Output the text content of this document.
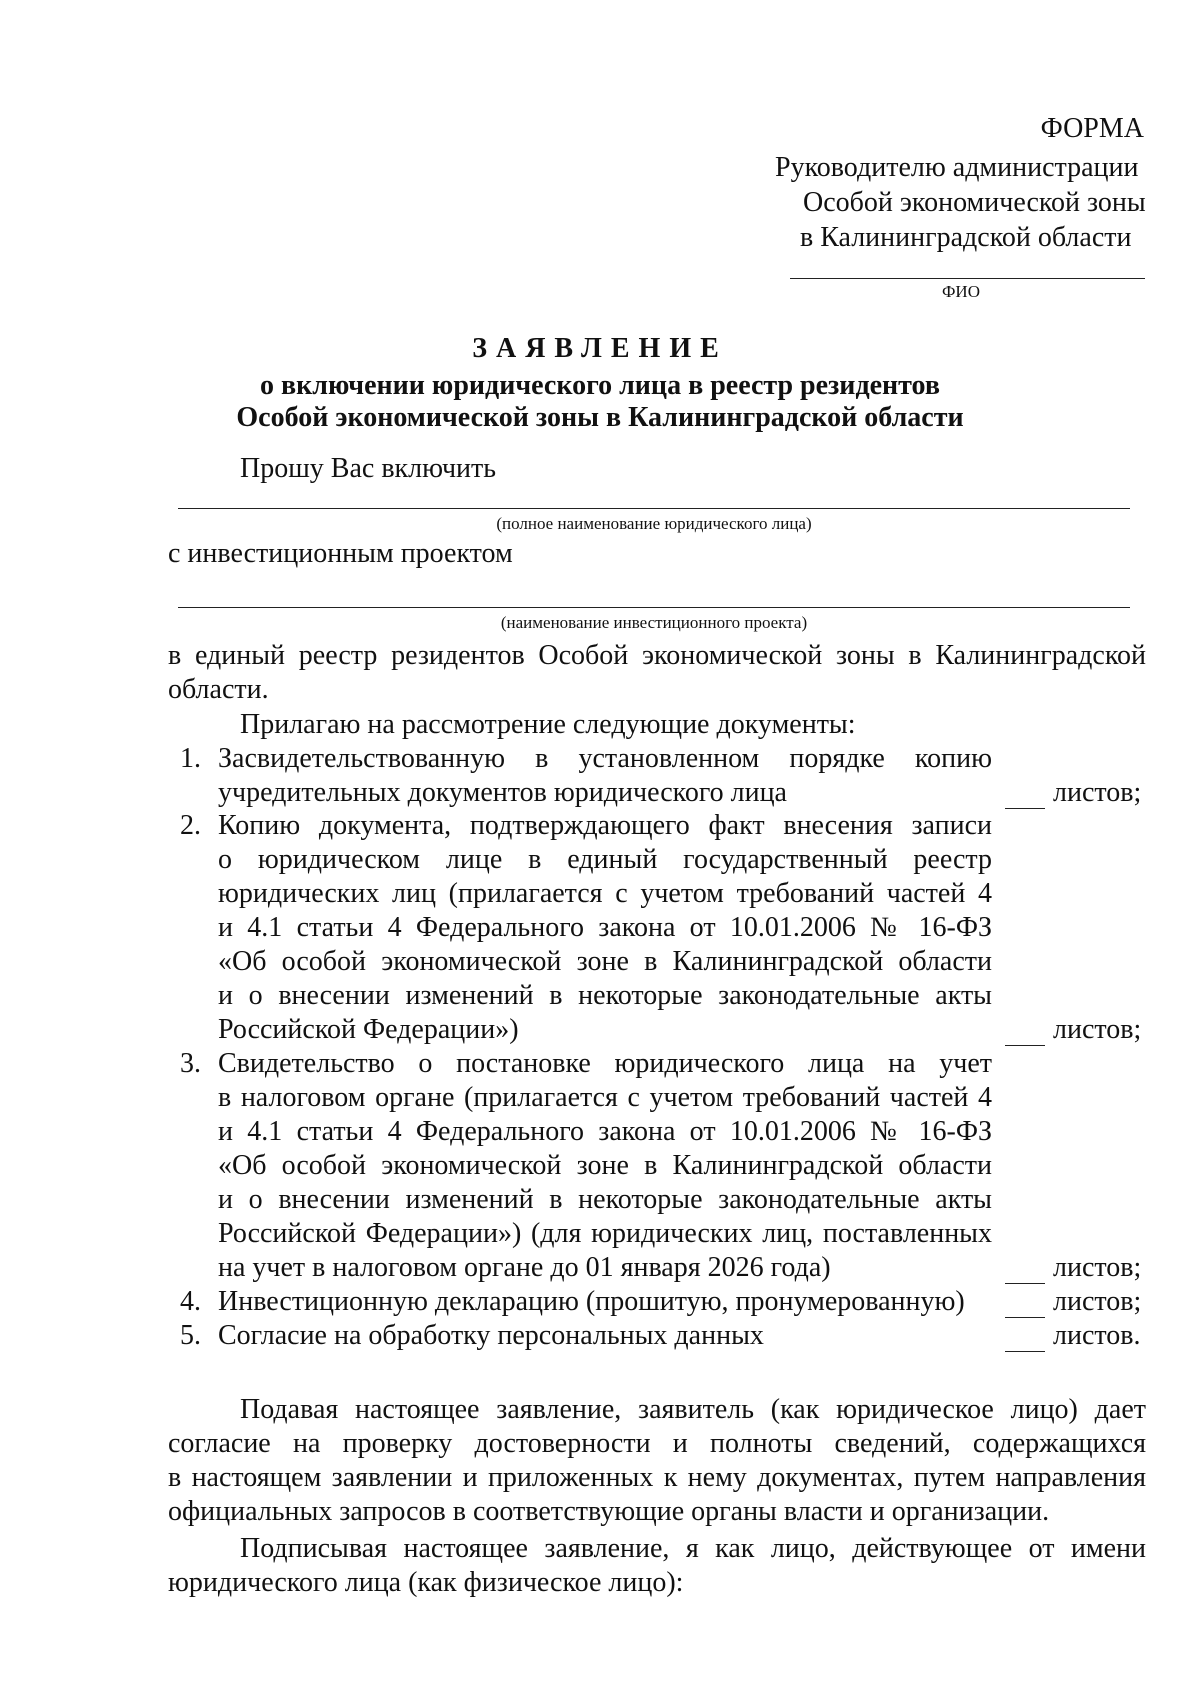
ФОРМА
Руководителю администрации
Особой экономической зоны
в Калининградской области
ФИО
ЗАЯВЛЕНИЕ
о включении юридического лица в реестр резидентов
Особой экономической зоны в Калининградской области
Прошу Вас включить
(полное наименование юридического лица)
с инвестиционным проектом
(наименование инвестиционного проекта)
в единый реестр резидентов Особой экономической зоны в Калининградской
области.
Прилагаю на рассмотрение следующие документы:
1. Засвидетельствованную в установленном порядке копию
учредительных документов юридического лица	листов;
2. Копию документа, подтверждающего факт внесения записи
о юридическом лице в единый государственный реестр
юридических лиц (прилагается с учетом требований частей 4
и 4.1 статьи 4 Федерального закона от 10.01.2006 № 16-ФЗ
«Об особой экономической зоне в Калининградской области
и о внесении изменений в некоторые законодательные акты
Российской Федерации»)	листов;
3. Свидетельство о постановке юридического лица на учет
в налоговом органе (прилагается с учетом требований частей 4
и 4.1 статьи 4 Федерального закона от 10.01.2006 № 16-ФЗ
«Об особой экономической зоне в Калининградской области
и о внесении изменений в некоторые законодательные акты
Российской Федерации») (для юридических лиц, поставленных
на учет в налоговом органе до 01 января 2026 года)	листов;
4. Инвестиционную декларацию (прошитую, пронумерованную)	листов;
5. Согласие на обработку персональных данных	листов.
Подавая настоящее заявление, заявитель (как юридическое лицо) дает
согласие на проверку достоверности и полноты сведений, содержащихся
в настоящем заявлении и приложенных к нему документах, путем направления
официальных запросов в соответствующие органы власти и организации.
Подписывая настоящее заявление, я как лицо, действующее от имени
юридического лица (как физическое лицо):
